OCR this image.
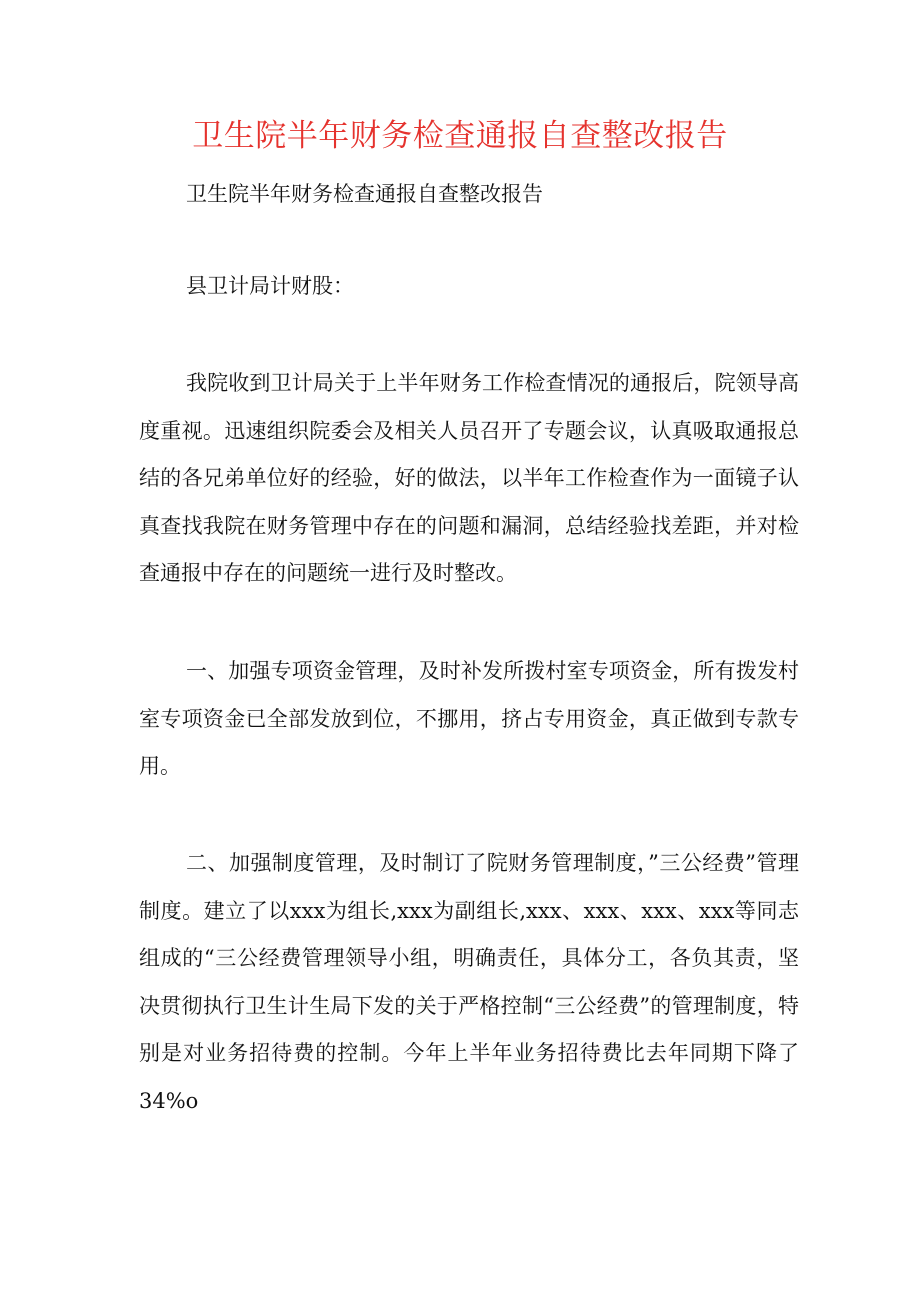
卫生院半年财务检查通报自查整改报告

卫生院半年财务检查通报自查整改报告

县卫计局计财股：

我院收到卫计局关于上半年财务工作检查情况的通报后，院领导高度重视。迅速组织院委会及相关人员召开了专题会议，认真吸取通报总结的各兄弟单位好的经验，好的做法，以半年工作检查作为一面镜子认真查找我院在财务管理中存在的问题和漏洞，总结经验找差距，并对检查通报中存在的问题统一进行及时整改。

一、加强专项资金管理，及时补发所拨村室专项资金，所有拨发村室专项资金已全部发放到位，不挪用，挤占专用资金，真正做到专款专用。

二、加强制度管理，及时制订了院财务管理制度，”三公经费”管理制度。建立了以xxx为组长,xxx为副组长,xxx、xxx、xxx、xxx等同志组成的“三公经费管理领导小组，明确责任，具体分工，各负其责，坚决贯彻执行卫生计生局下发的关于严格控制“三公经费”的管理制度，特别是对业务招待费的控制。今年上半年业务招待费比去年同期下降了34%o
